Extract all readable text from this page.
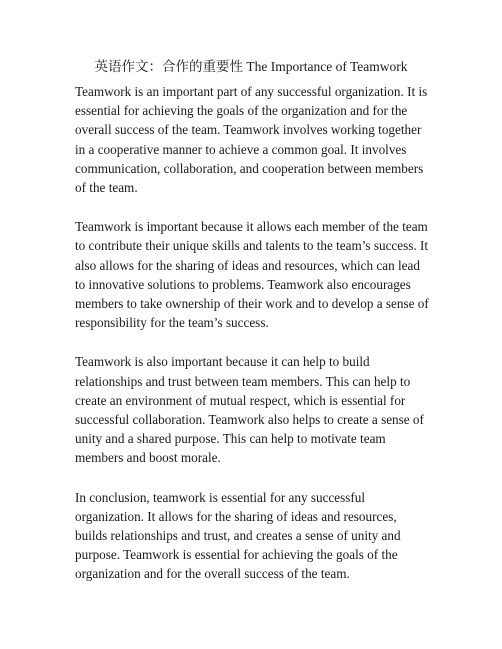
英语作文：合作的重要性 The Importance of Teamwork

Teamwork is an important part of any successful organization. It is essential for achieving the goals of the organization and for the overall success of the team. Teamwork involves working together in a cooperative manner to achieve a common goal. It involves communication, collaboration, and cooperation between members of the team.

Teamwork is important because it allows each member of the team to contribute their unique skills and talents to the team’s success. It also allows for the sharing of ideas and resources, which can lead to innovative solutions to problems. Teamwork also encourages members to take ownership of their work and to develop a sense of responsibility for the team’s success.

Teamwork is also important because it can help to build relationships and trust between team members. This can help to create an environment of mutual respect, which is essential for successful collaboration. Teamwork also helps to create a sense of unity and a shared purpose. This can help to motivate team members and boost morale.

In conclusion, teamwork is essential for any successful organization. It allows for the sharing of ideas and resources, builds relationships and trust, and creates a sense of unity and purpose. Teamwork is essential for achieving the goals of the organization and for the overall success of the team.
